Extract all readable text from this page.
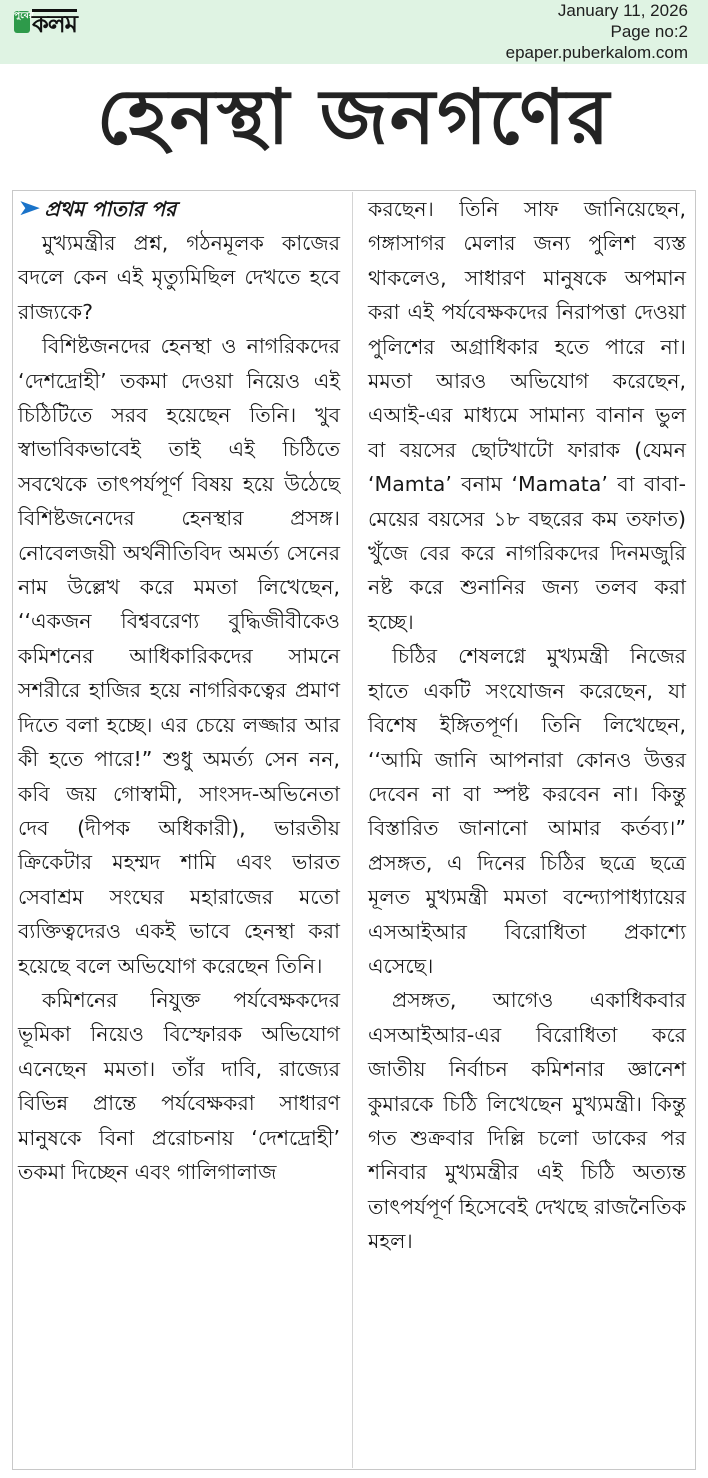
পুবের
কলম	January 11, 2026
Page no:2
epaper.puberkalom.com
হেনস্থা জনগণের
➤ প্রথম পাতার পর

মুখ্যমন্ত্রীর প্রশ্ন, গঠনমূলক কাজের বদলে কেন এই মৃত্যুমিছিল দেখতে হবে রাজ্যকে?

বিশিষ্টজনদের হেনস্থা ও নাগরিকদের ‘দেশদ্রোহী’ তকমা দেওয়া নিয়েও এই চিঠিটিতে সরব হয়েছেন তিনি। খুব স্বাভাবিকভাবেই তাই এই চিঠিতে সবথেকে তাৎপর্যপূর্ণ বিষয় হয়ে উঠেছে বিশিষ্টজনেদের হেনস্থার প্রসঙ্গ। নোবেলজয়ী অর্থনীতিবিদ অমর্ত্য সেনের নাম উল্লেখ করে মমতা লিখেছেন, ‘‘একজন বিশ্ববরেণ্য বুদ্ধিজীবীকেও কমিশনের আধিকারিকদের সামনে সশরীরে হাজির হয়ে নাগরিকত্বের প্রমাণ দিতে বলা হচ্ছে। এর চেয়ে লজ্জার আর কী হতে পারে!” শুধু অমর্ত্য সেন নন, কবি জয় গোস্বামী, সাংসদ-অভিনেতা দেব (দীপক অধিকারী), ভারতীয় ক্রিকেটার মহম্মদ শামি এবং ভারত সেবাশ্রম সংঘের মহারাজের মতো ব্যক্তিত্বদেরও একই ভাবে হেনস্থা করা হয়েছে বলে অভিযোগ করেছেন তিনি।

কমিশনের নিযুক্ত পর্যবেক্ষকদের ভূমিকা নিয়েও বিস্ফোরক অভিযোগ এনেছেন মমতা। তাঁর দাবি, রাজ্যের বিভিন্ন প্রান্তে পর্যবেক্ষকরা সাধারণ মানুষকে বিনা প্ররোচনায় ‘দেশদ্রোহী’ তকমা দিচ্ছেন এবং গালিগালাজ

করছেন। তিনি সাফ জানিয়েছেন, গঙ্গাসাগর মেলার জন্য পুলিশ ব্যস্ত থাকলেও, সাধারণ মানুষকে অপমান করা এই পর্যবেক্ষকদের নিরাপত্তা দেওয়া পুলিশের অগ্রাধিকার হতে পারে না। মমতা আরও অভিযোগ করেছেন, এআই-এর মাধ্যমে সামান্য বানান ভুল বা বয়সের ছোটখাটো ফারাক (যেমন ‘Mamta’ বনাম ‘Mamata’ বা বাবা-মেয়ের বয়সের ১৮ বছরের কম তফাত) খুঁজে বের করে নাগরিকদের দিনমজুরি নষ্ট করে শুনানির জন্য তলব করা হচ্ছে।

চিঠির শেষলগ্নে মুখ্যমন্ত্রী নিজের হাতে একটি সংযোজন করেছেন, যা বিশেষ ইঙ্গিতপূর্ণ। তিনি লিখেছেন, ‘‘আমি জানি আপনারা কোনও উত্তর দেবেন না বা স্পষ্ট করবেন না। কিন্তু বিস্তারিত জানানো আমার কর্তব্য।” প্রসঙ্গত, এ দিনের চিঠির ছত্রে ছত্রে মূলত মুখ্যমন্ত্রী মমতা বন্দ্যোপাধ্যায়ের এসআইআর বিরোধিতা প্রকাশ্যে এসেছে।

প্রসঙ্গত, আগেও একাধিকবার এসআইআর-এর বিরোধিতা করে জাতীয় নির্বাচন কমিশনার জ্ঞানেশ কুমারকে চিঠি লিখেছেন মুখ্যমন্ত্রী। কিন্তু গত শুক্রবার দিল্লি চলো ডাকের পর শনিবার মুখ্যমন্ত্রীর এই চিঠি অত্যন্ত তাৎপর্যপূর্ণ হিসেবেই দেখছে রাজনৈতিক মহল।
